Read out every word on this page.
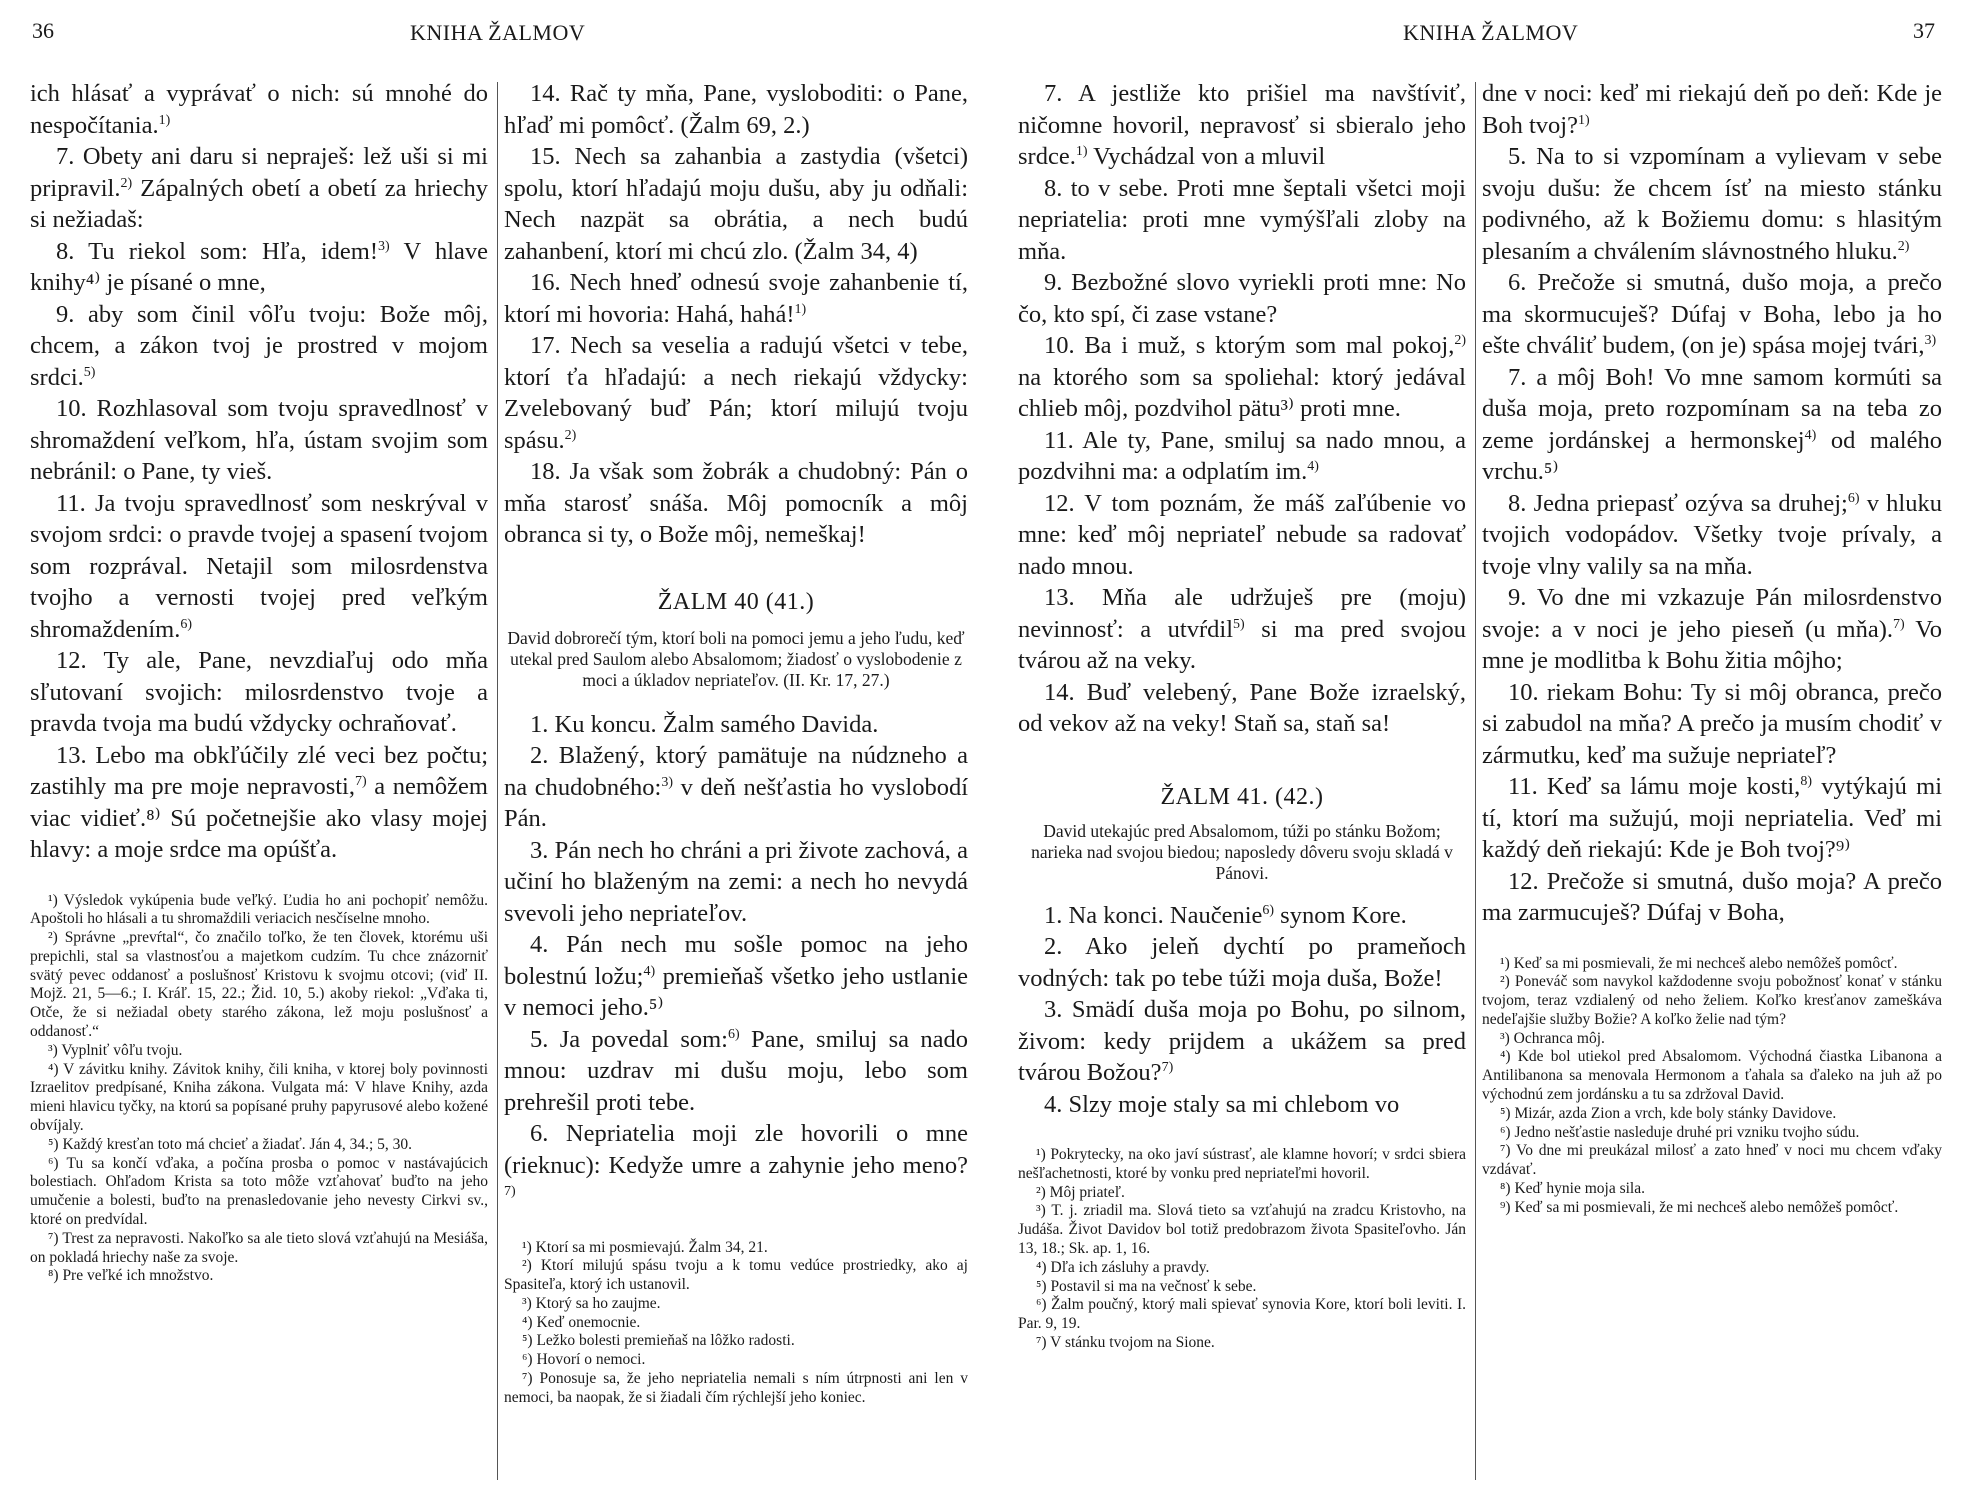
36	KNIHA ŽALMOV

ich hlásať a vyprávať o nich: sú mnohé do nespočítania.$^{1)}$

7. Obety ani daru si nepraješ: lež uši si mi pripravil.$^{2)}$ Zápalných obetí a obetí za hriechy si nežiadaš:

8. Tu riekol som: Hľa, idem!$^{3)}$ V hlave knihy⁴⁾ je písané o mne,

9. aby som činil vôľu tvoju: Bože môj, chcem, a zákon tvoj je prostred v mojom srdci.$^{5)}$

10. Rozhlasoval som tvoju spravedlnosť v shromaždení veľkom, hľa, ústam svojim som nebránil: o Pane, ty vieš.

11. Ja tvoju spravedlnosť som neskrýval v svojom srdci: o pravde tvojej a spasení tvojom som rozprával. Netajil som milosrdenstva tvojho a vernosti tvojej pred veľkým shromaždením.$^{6)}$

12. Ty ale, Pane, nevzdiaľuj odo mňa sľutovaní svojich: milosrdenstvo tvoje a pravda tvoja ma budú vždycky ochraňovať.

13. Lebo ma obkľúčily zlé veci bez počtu; zastihly ma pre moje nepravosti,$^{7)}$ a nemôžem viac vidieť.⁸⁾ Sú početnejšie ako vlasy mojej hlavy: a moje srdce ma opúšťa.

¹) Výsledok vykúpenia bude veľký. Ľudia ho ani pochopiť nemôžu. Apoštoli ho hlásali a tu shromaždili veriacich nesčíselne mnoho.

²) Správne „prevŕtal“, čo značilo toľko, že ten človek, ktorému uši prepichli, stal sa vlastnosťou a majetkom cudzím. Tu chce znázorniť svätý pevec oddanosť a poslušnosť Kristovu k svojmu otcovi; (viď II. Mojž. 21, 5—6.; I. Kráľ. 15, 22.; Žid. 10, 5.) akoby riekol: „Vďaka ti, Otče, že si nežiadal obety starého zákona, lež moju poslušnosť a oddanosť.“

³) Vyplniť vôľu tvoju.

⁴) V závitku knihy. Závitok knihy, čili kniha, v ktorej boly povinnosti Izraelitov predpísané, Kniha zákona. Vulgata má: V hlave Knihy, azda mieni hlavicu tyčky, na ktorú sa popísané pruhy papyrusové alebo kožené obvíjaly.

⁵) Každý kresťan toto má chcieť a žiadať. Ján 4, 34.; 5, 30.

⁶) Tu sa končí vďaka, a počína prosba o pomoc v nastávajúcich bolestiach. Ohľadom Krista sa toto môže vzťahovať buďto na jeho umučenie a bolesti, buďto na prenasledovanie jeho nevesty Cirkvi sv., ktoré on predvídal.

⁷) Trest za nepravosti. Nakoľko sa ale tieto slová vzťahujú na Mesiáša, on pokladá hriechy naše za svoje.

⁸) Pre veľké ich množstvo.

14. Rač ty mňa, Pane, vysloboditi: o Pane, hľaď mi pomôcť. (Žalm 69, 2.)

15. Nech sa zahanbia a zastydia (všetci) spolu, ktorí hľadajú moju dušu, aby ju odňali: Nech nazpät sa obrátia, a nech budú zahanbení, ktorí mi chcú zlo. (Žalm 34, 4)

16. Nech hneď odnesú svoje zahanbenie tí, ktorí mi hovoria: Hahá, hahá!$^{1)}$

17. Nech sa veselia a radujú všetci v tebe, ktorí ťa hľadajú: a nech riekajú vždycky: Zvelebovaný buď Pán; ktorí milujú tvoju spásu.$^{2)}$

18. Ja však som žobrák a chudobný: Pán o mňa starosť snáša. Môj pomocník a môj obranca si ty, o Bože môj, nemeškaj!

ŽALM 40 (41.)

David dobrorečí tým, ktorí boli na pomoci jemu a jeho ľudu, keď utekal pred Saulom alebo Absalomom; žiadosť o vyslobodenie z moci a úkladov nepriateľov. (II. Kr. 17, 27.)

1. Ku koncu. Žalm samého Davida.

2. Blažený, ktorý pamätuje na núdzneho a na chudobného:$^{3)}$ v deň nešťastia ho vyslobodí Pán.

3. Pán nech ho chráni a pri živote zachová, a učiní ho blaženým na zemi: a nech ho nevydá svevoli jeho nepriateľov.

4. Pán nech mu sošle pomoc na jeho bolestnú ložu;$^{4)}$ premieňaš všetko jeho ustlanie v nemoci jeho.⁵⁾

5. Ja povedal som:$^{6)}$ Pane, smiluj sa nado mnou: uzdrav mi dušu moju, lebo som prehrešil proti tebe.

6. Nepriatelia moji zle hovorili o mne (rieknuc): Kedyže umre a zahynie jeho meno?$^{7)}$

¹) Ktorí sa mi posmievajú. Žalm 34, 21.

²) Ktorí milujú spásu tvoju a k tomu vedúce prostriedky, ako aj Spasiteľa, ktorý ich ustanovil.

³) Ktorý sa ho zaujme.

⁴) Keď onemocnie.

⁵) Ležko bolesti premieňaš na lôžko radosti.

⁶) Hovorí o nemoci.

⁷) Ponosuje sa, že jeho nepriatelia nemali s ním útrpnosti ani len v nemoci, ba naopak, že si žiadali čím rýchlejší jeho koniec.

KNIHA ŽALMOV	37

7. A jestliže kto prišiel ma navštíviť, ničomne hovoril, nepravosť si sbieralo jeho srdce.$^{1)}$ Vychádzal von a mluvil

8. to v sebe. Proti mne šeptali všetci moji nepriatelia: proti mne vymýšľali zloby na mňa.

9. Bezbožné slovo vyriekli proti mne: No čo, kto spí, či zase vstane?

10. Ba i muž, s ktorým som mal pokoj,$^{2)}$ na ktorého som sa spoliehal: ktorý jedával chlieb môj, pozdvihol pätu³⁾ proti mne.

11. Ale ty, Pane, smiluj sa nado mnou, a pozdvihni ma: a odplatím im.$^{4)}$

12. V tom poznám, že máš zaľúbenie vo mne: keď môj nepriateľ nebude sa radovať nado mnou.

13. Mňa ale udržuješ pre (moju) nevinnosť: a utvŕdil$^{5)}$ si ma pred svojou tvárou až na veky.

14. Buď velebený, Pane Bože izraelský, od vekov až na veky! Staň sa, staň sa!

ŽALM 41. (42.)

David utekajúc pred Absalomom, túži po stánku Božom; narieka nad svojou biedou; naposledy dôveru svoju skladá v Pánovi.

1. Na konci. Naučenie$^{6)}$ synom Kore.

2. Ako jeleň dychtí po prameňoch vodných: tak po tebe túži moja duša, Bože!

3. Smädí duša moja po Bohu, po silnom, živom: kedy prijdem a ukážem sa pred tvárou Božou?$^{7)}$

4. Slzy moje staly sa mi chlebom vo

¹) Pokrytecky, na oko javí sústrasť, ale klamne hovorí; v srdci sbiera nešľachetnosti, ktoré by vonku pred nepriateľmi hovoril.

²) Môj priateľ.

³) T. j. zriadil ma. Slová tieto sa vzťahujú na zradcu Kristovho, na Judáša. Život Davidov bol totiž predobrazom života Spasiteľovho. Ján 13, 18.; Sk. ap. 1, 16.

⁴) Dľa ich zásluhy a pravdy.

⁵) Postavil si ma na večnosť k sebe.

⁶) Žalm poučný, ktorý mali spievať synovia Kore, ktorí boli leviti. I. Par. 9, 19.

⁷) V stánku tvojom na Sione.

dne v noci: keď mi riekajú deň po deň: Kde je Boh tvoj?$^{1)}$

5. Na to si vzpomínam a vylievam v sebe svoju dušu: že chcem ísť na miesto stánku podivného, až k Božiemu domu: s hlasitým plesaním a chválením slávnostného hluku.$^{2)}$

6. Prečože si smutná, dušo moja, a prečo ma skormucuješ? Dúfaj v Boha, lebo ja ho ešte chváliť budem, (on je) spása mojej tvári,$^{3)}$

7. a môj Boh! Vo mne samom kormúti sa duša moja, preto rozpomínam sa na teba zo zeme jordánskej a hermonskej$^{4)}$ od malého vrchu.⁵⁾

8. Jedna priepasť ozýva sa druhej;$^{6)}$ v hluku tvojich vodopádov. Všetky tvoje prívaly, a tvoje vlny valily sa na mňa.

9. Vo dne mi vzkazuje Pán milosrdenstvo svoje: a v noci je jeho pieseň (u mňa).$^{7)}$ Vo mne je modlitba k Bohu žitia môjho;

10. riekam Bohu: Ty si môj obranca, prečo si zabudol na mňa? A prečo ja musím chodiť v zármutku, keď ma sužuje nepriateľ?

11. Keď sa lámu moje kosti,$^{8)}$ vytýkajú mi tí, ktorí ma sužujú, moji nepriatelia. Veď mi každý deň riekajú: Kde je Boh tvoj?⁹⁾

12. Prečože si smutná, dušo moja? A prečo ma zarmucuješ? Dúfaj v Boha,

¹) Keď sa mi posmievali, že mi nechceš alebo nemôžeš pomôcť.

²) Poneváč som navykol každodenne svoju pobožnosť konať v stánku tvojom, teraz vzdialený od neho želiem. Koľko kresťanov zameškáva nedeľajšie služby Božie? A koľko želie nad tým?

³) Ochranca môj.

⁴) Kde bol utiekol pred Absalomom. Východná čiastka Libanona a Antilibanona sa menovala Hermonom a ťahala sa ďaleko na juh až po východnú zem jordánsku a tu sa zdržoval David.

⁵) Mizár, azda Zion a vrch, kde boly stánky Davidove.

⁶) Jedno nešťastie nasleduje druhé pri vzniku tvojho súdu.

⁷) Vo dne mi preukázal milosť a zato hneď v noci mu chcem vďaky vzdávať.

⁸) Keď hynie moja sila.

⁹) Keď sa mi posmievali, že mi nechceš alebo nemôžeš pomôcť.
